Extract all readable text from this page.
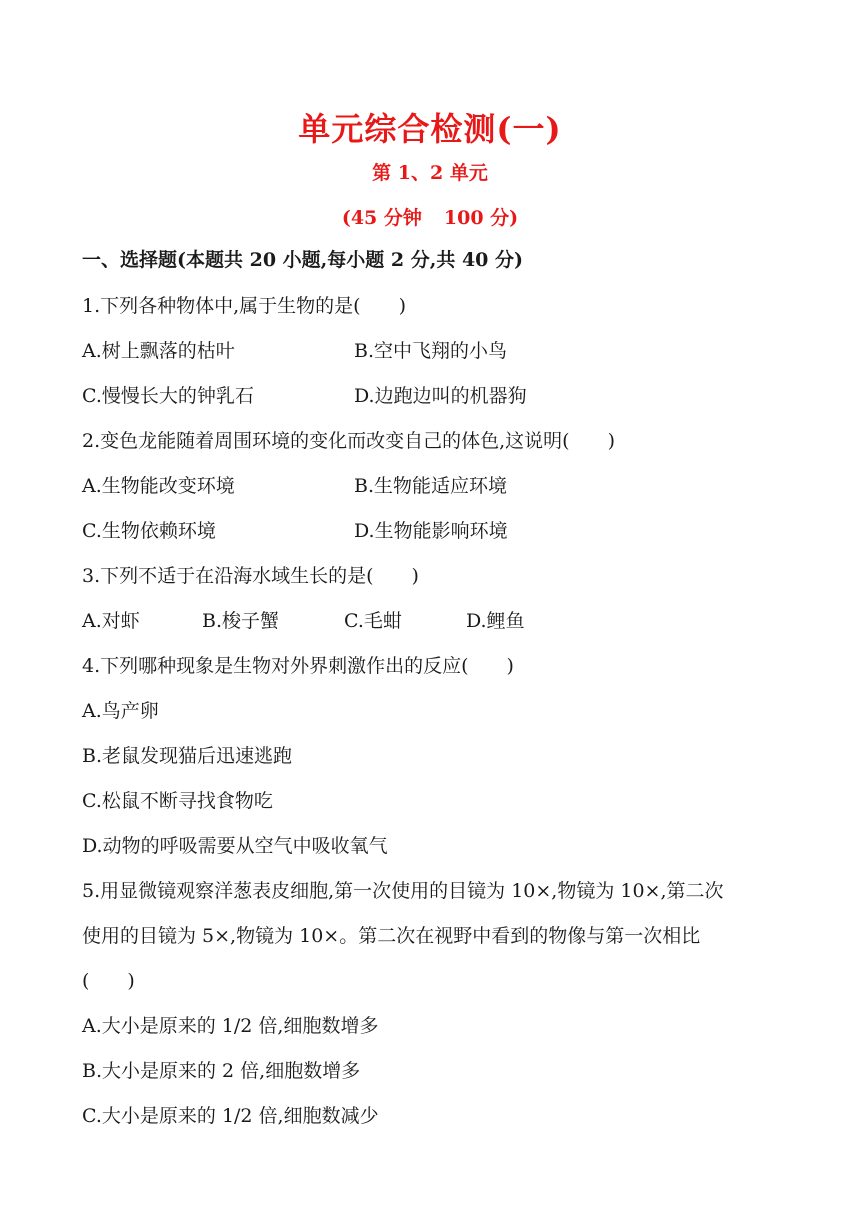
单元综合检测(一)
第 1、2 单元
(45 分钟 100 分)
一、选择题(本题共 20 小题,每小题 2 分,共 40 分)
1.下列各种物体中,属于生物的是(　　)
A.树上飘落的枯叶	B.空中飞翔的小鸟
C.慢慢长大的钟乳石	D.边跑边叫的机器狗
2.变色龙能随着周围环境的变化而改变自己的体色,这说明(　　)
A.生物能改变环境	B.生物能适应环境
C.生物依赖环境	D.生物能影响环境
3.下列不适于在沿海水域生长的是(　　)
A.对虾	B.梭子蟹	C.毛蚶	D.鲤鱼
4.下列哪种现象是生物对外界刺激作出的反应(　　)
A.鸟产卵
B.老鼠发现猫后迅速逃跑
C.松鼠不断寻找食物吃
D.动物的呼吸需要从空气中吸收氧气
5.用显微镜观察洋葱表皮细胞,第一次使用的目镜为 10×,物镜为 10×,第二次
使用的目镜为 5×,物镜为 10×。第二次在视野中看到的物像与第一次相比
(　　)
A.大小是原来的 1/2 倍,细胞数增多
B.大小是原来的 2 倍,细胞数增多
C.大小是原来的 1/2 倍,细胞数减少
